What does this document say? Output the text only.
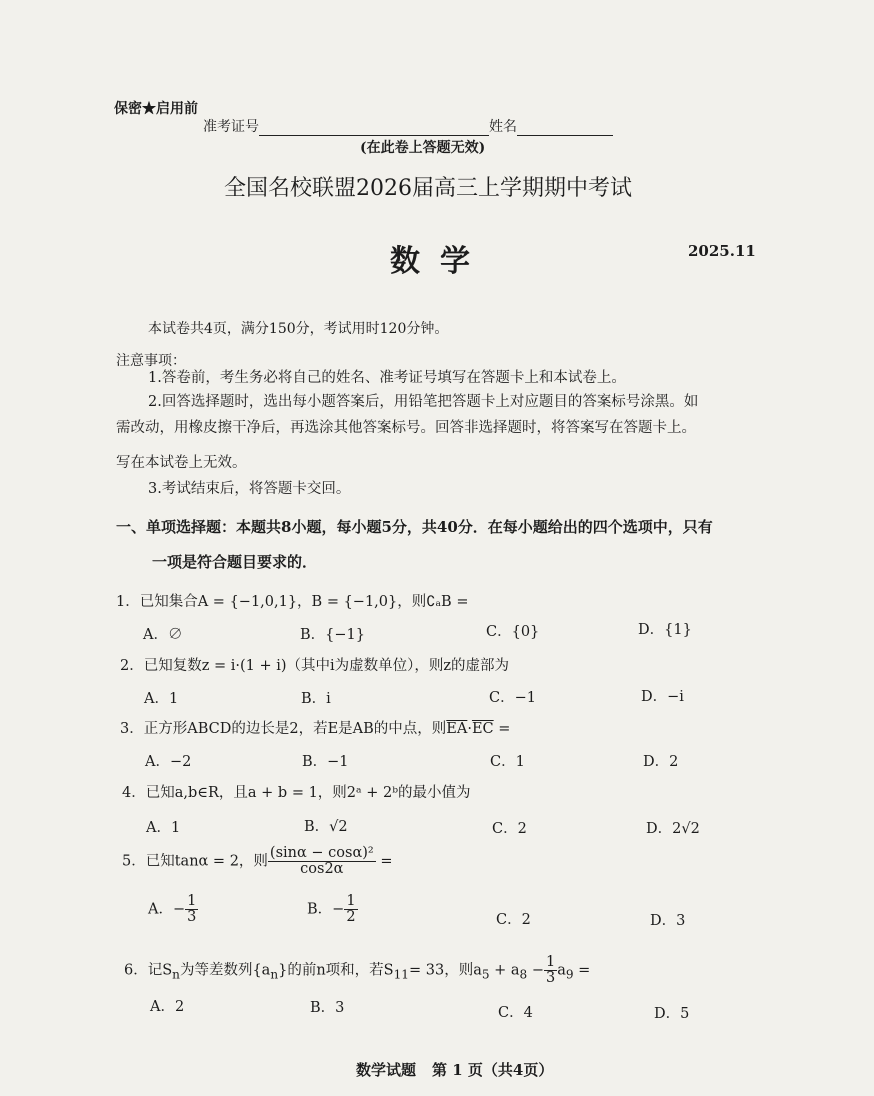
保密★启用前
准考证号	姓名
(在此卷上答题无效)
全国名校联盟2026届高三上学期期中考试
数学	2025.11
本试卷共4页，满分150分，考试用时120分钟。
注意事项：
1.答卷前，考生务必将自己的姓名、准考证号填写在答题卡上和本试卷上。
2.回答选择题时，选出每小题答案后，用铅笔把答题卡上对应题目的答案标号涂黑。如
需改动，用橡皮擦干净后，再选涂其他答案标号。回答非选择题时，将答案写在答题卡上。
写在本试卷上无效。
3.考试结束后，将答题卡交回。
一、单项选择题：本题共8小题，每小题5分，共40分．在每小题给出的四个选项中，只有
一项是符合题目要求的．
1．已知集合A = {−1,0,1}，B = {−1,0}，则∁ₐB =
A．∅	B．{−1}	C．{0}	D．{1}
2．已知复数z = i·(1 + i)（其中i为虚数单位），则z的虚部为
A．1	B．i	C．−1	D．−i
3．正方形ABCD的边长是2，若E是AB的中点，则$\overline{EA}\cdot\overline{EC}$ =
A．−2	B．−1	C．1	D．2
4．已知a,b∈R，且a + b = 1，则2ᵃ + 2ᵇ的最小值为
A．1	B．√2	C．2	D．2√2
5．已知tanα = 2，则 $\frac{\text{(sinα − cosα)²}}{\cos 2\alpha}$ =
A．− $\frac{1}{3}$	B．− $\frac{1}{2}$	C．2	D．3
6．记$S_n$为等差数列$\{a_n\}$的前n项和，若$S_{11}= 33$，则$a_5 + a_8 - \frac{1}{3} a_9$ =
A．2	B．3	C．4	D．5
数学试题 第 1 页（共4页）
